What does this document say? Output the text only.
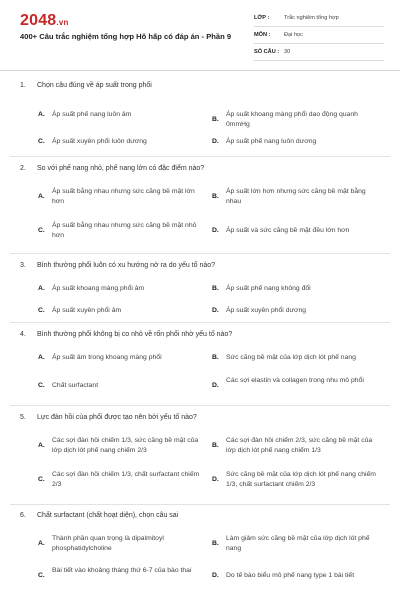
2048.vn
400+ Câu trắc nghiệm tổng hợp Hô hấp có đáp án - Phần 9
LỚP :	Trắc nghiệm tổng hợp
MÔN : Đại học
SỐ CÂU : 30
1. Chọn câu đúng về áp suất trong phổi
A. Áp suất phế nang luôn âm
B.
Áp suất khoang màng phổi dao động quanh 0mmHg
C. Áp suất xuyên phổi luôn dương	D. Áp suất phế nang luôn dương
2. So với phế nang nhỏ, phế nang lớn có đặc điểm nào?
A.
Áp suất bằng nhau nhưng sức căng bề mặt lớn hơn
B.
Áp suất lớn hơn nhưng sức căng bề mặt bằng nhau
C.
Áp suất bằng nhau nhưng sức căng bề mặt nhỏ hơn
D. Áp suất và sức căng bề mặt đều lớn hơn
3. Bình thường phổi luôn có xu hướng nở ra do yếu tố nào?
A. Áp suất khoang màng phổi âm	B. Áp suất phế nang không đổi
C. Áp suất xuyên phổi âm	D. Áp suất xuyên phổi dương
4. Bình thường phổi không bị co nhỏ về rốn phổi nhờ yếu tố nào?
A. Áp suất âm trong khoang màng phổi	B. Sức căng bề mặt của lớp dịch lót phế nang
C. Chất surfactant	D.
Các sợi elastin và collagen trong nhu mô phổi
5. Lực đàn hồi của phổi được tạo nên bởi yếu tố nào?
A.
Các sợi đàn hồi chiếm 1/3, sức căng bề mặt của lớp dịch lót phế nang chiếm 2/3
B.
Các sợi đàn hồi chiếm 2/3, sức căng bề mặt của lớp dịch lót phế nang chiếm 1/3
C.
Các sợi đàn hồi chiếm 1/3, chất surfactant chiếm 2/3
D.
Sức căng bề mặt của lớp dịch lót phế nang chiếm 1/3, chất surfactant chiếm 2/3
6. Chất surfactant (chất hoạt diện), chọn câu sai
A.
Thành phần quan trọng là dipalmitoyl phosphatidylcholine
B.
Làm giảm sức căng bề mặt của lớp dịch lót phế nang
C.
Bài tiết vào khoảng tháng thứ 6-7 của bào thai
D. Do tế bào biểu mô phế nang type 1 bài tiết
